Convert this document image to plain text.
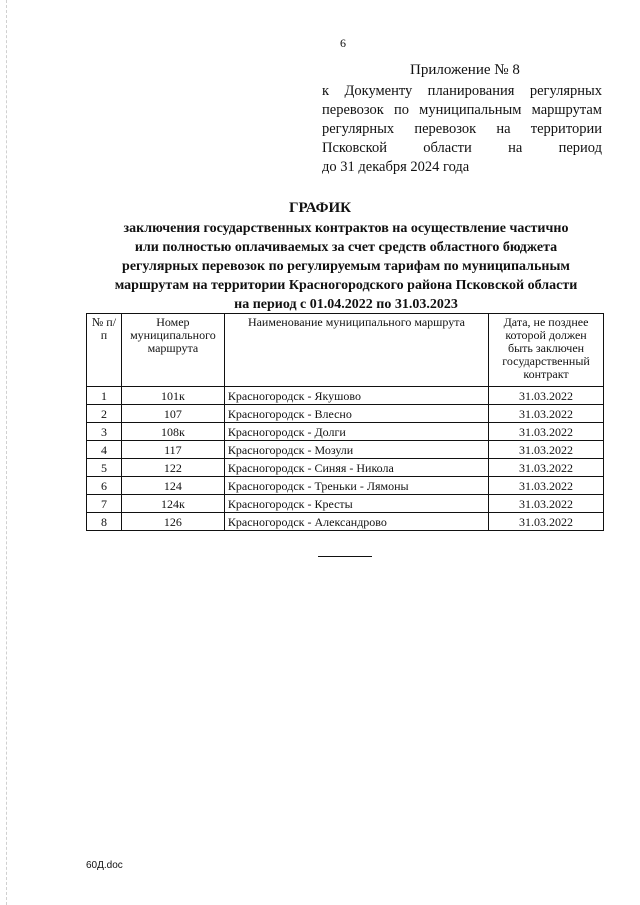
6
Приложение № 8
к Документу планирования регулярных
перевозок по муниципальным маршрутам
регулярных перевозок на территории
Псковской области на период
до 31 декабря 2024 года
ГРАФИК
заключения государственных контрактов на осуществление частично
или полностью оплачиваемых за счет средств областного бюджета
регулярных перевозок по регулируемым тарифам по муниципальным
маршрутам на территории Красногородского района Псковской области
на период с 01.04.2022 по 31.03.2023
№ п/п	Номер муниципального маршрута	Наименование муниципального маршрута	Дата, не позднее которой должен быть заключен государственный контракт
1	101к	Красногородск - Якушово	31.03.2022
2	107	Красногородск - Влесно	31.03.2022
3	108к	Красногородск - Долги	31.03.2022
4	117	Красногородск - Мозули	31.03.2022
5	122	Красногородск - Синяя - Никола	31.03.2022
6	124	Красногородск - Треньки - Лямоны	31.03.2022
7	124к	Красногородск - Кресты	31.03.2022
8	126	Красногородск - Александрово	31.03.2022
60Д.doc
